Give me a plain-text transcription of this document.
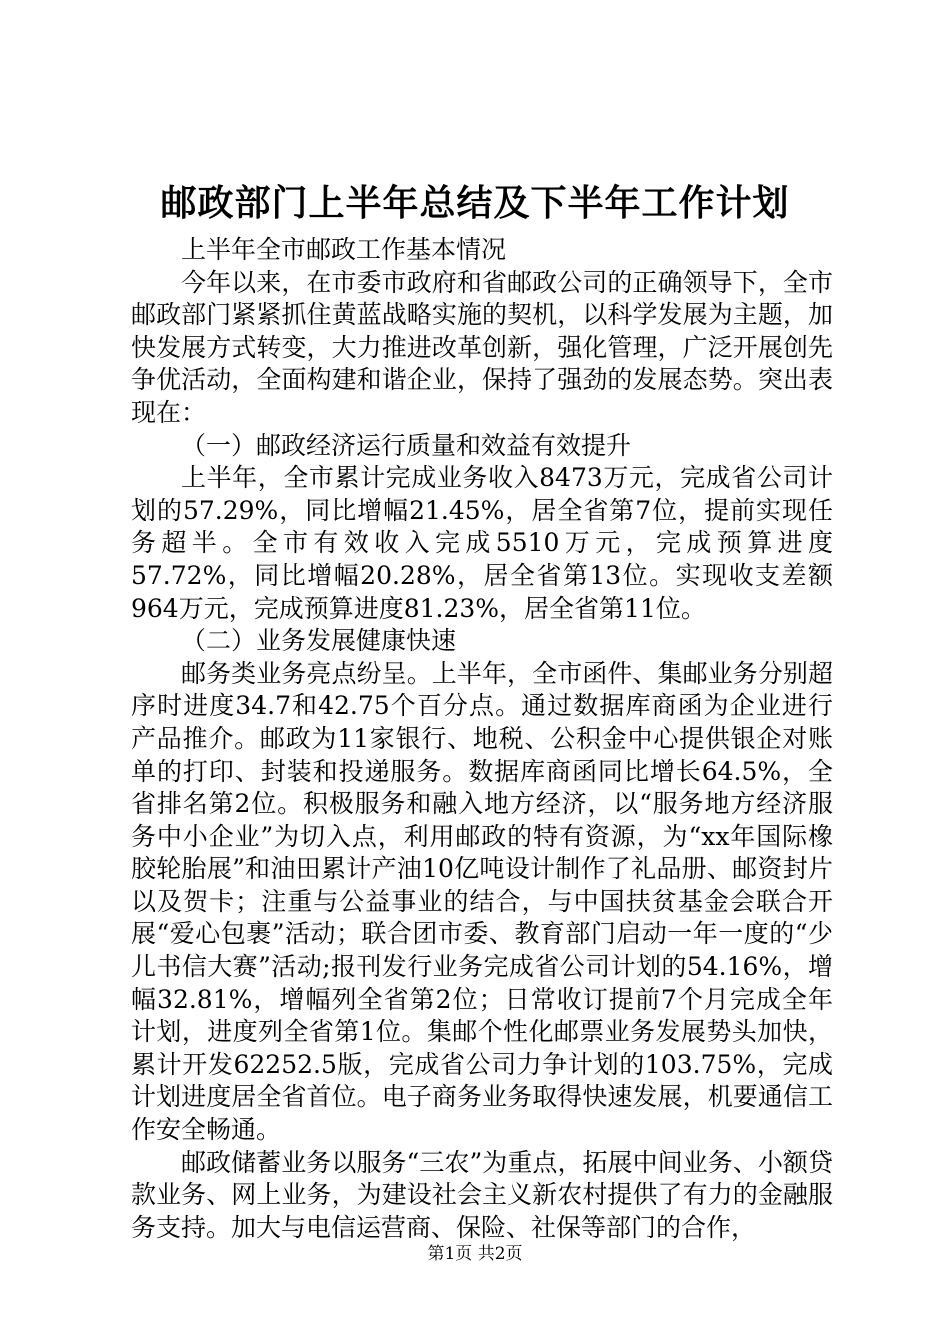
邮政部门上半年总结及下半年工作计划

上半年全市邮政工作基本情况

今年以来，在市委市政府和省邮政公司的正确领导下，全市邮政部门紧紧抓住黄蓝战略实施的契机，以科学发展为主题，加快发展方式转变，大力推进改革创新，强化管理，广泛开展创先争优活动，全面构建和谐企业，保持了强劲的发展态势。突出表现在：

（一）邮政经济运行质量和效益有效提升

上半年，全市累计完成业务收入8473万元，完成省公司计划的57.29%，同比增幅21.45%，居全省第7位，提前实现任务超半。全市有效收入完成5510万元，完成预算进度57.72%，同比增幅20.28%，居全省第13位。实现收支差额964万元，完成预算进度81.23%，居全省第11位。

（二）业务发展健康快速

邮务类业务亮点纷呈。上半年，全市函件、集邮业务分别超序时进度34.7和42.75个百分点。通过数据库商函为企业进行产品推介。邮政为11家银行、地税、公积金中心提供银企对账单的打印、封装和投递服务。数据库商函同比增长64.5%，全省排名第2位。积极服务和融入地方经济，以“服务地方经济服务中小企业”为切入点，利用邮政的特有资源，为“xx年国际橡胶轮胎展”和油田累计产油10亿吨设计制作了礼品册、邮资封片以及贺卡；注重与公益事业的结合，与中国扶贫基金会联合开展“爱心包裹”活动；联合团市委、教育部门启动一年一度的“少儿书信大赛”活动;报刊发行业务完成省公司计划的54.16%，增幅32.81%，增幅列全省第2位；日常收订提前7个月完成全年计划，进度列全省第1位。集邮个性化邮票业务发展势头加快，累计开发62252.5版，完成省公司力争计划的103.75%，完成计划进度居全省首位。电子商务业务取得快速发展，机要通信工作安全畅通。

邮政储蓄业务以服务“三农”为重点，拓展中间业务、小额贷款业务、网上业务，为建设社会主义新农村提供了有力的金融服务支持。加大与电信运营商、保险、社保等部门的合作，

第1页 共2页
